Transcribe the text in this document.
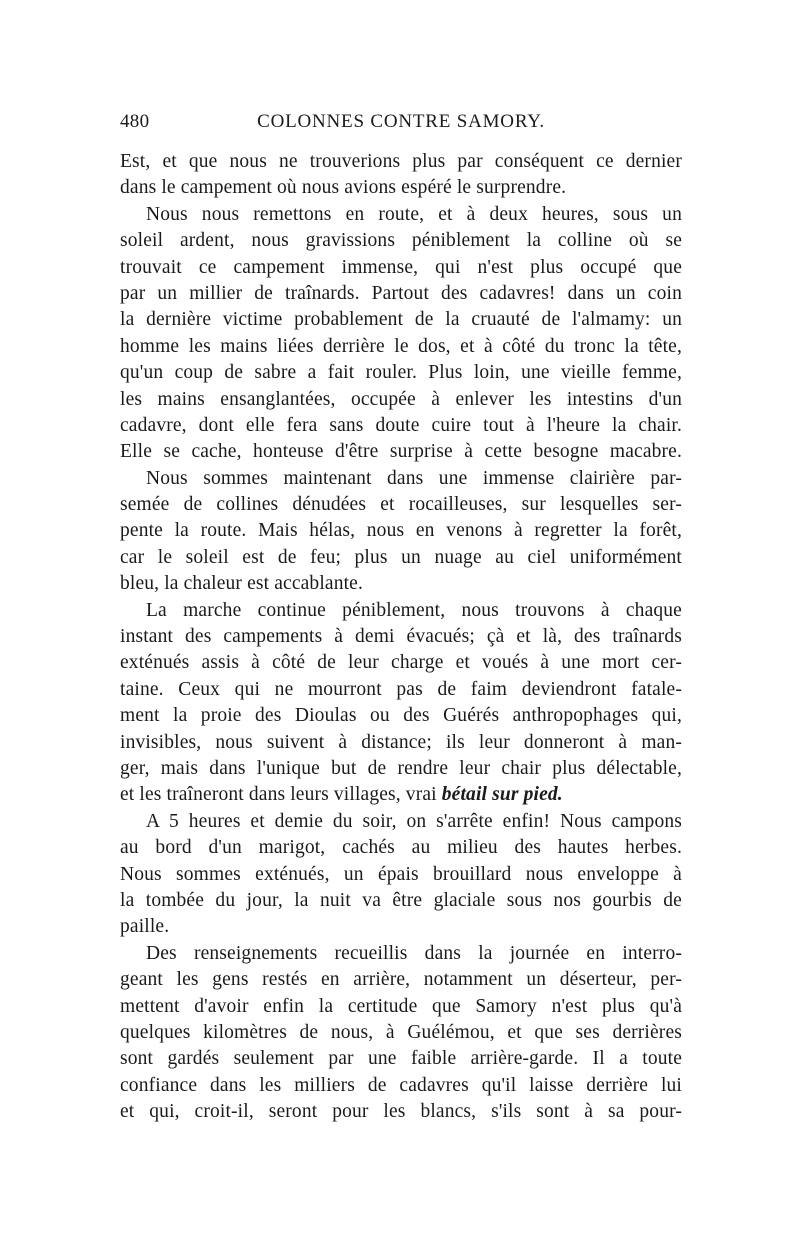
480	COLONNES CONTRE SAMORY.
Est, et que nous ne trouverions plus par conséquent ce dernier
dans le campement où nous avions espéré le surprendre.
Nous nous remettons en route, et à deux heures, sous un
soleil ardent, nous gravissions péniblement la colline où se
trouvait ce campement immense, qui n'est plus occupé que
par un millier de traînards. Partout des cadavres! dans un coin
la dernière victime probablement de la cruauté de l'almamy: un
homme les mains liées derrière le dos, et à côté du tronc la tête,
qu'un coup de sabre a fait rouler. Plus loin, une vieille femme,
les mains ensanglantées, occupée à enlever les intestins d'un
cadavre, dont elle fera sans doute cuire tout à l'heure la chair.
Elle se cache, honteuse d'être surprise à cette besogne macabre.
Nous sommes maintenant dans une immense clairière par-
semée de collines dénudées et rocailleuses, sur lesquelles ser-
pente la route. Mais hélas, nous en venons à regretter la forêt,
car le soleil est de feu; plus un nuage au ciel uniformément
bleu, la chaleur est accablante.
La marche continue péniblement, nous trouvons à chaque
instant des campements à demi évacués; çà et là, des traînards
exténués assis à côté de leur charge et voués à une mort cer-
taine. Ceux qui ne mourront pas de faim deviendront fatale-
ment la proie des Dioulas ou des Guérés anthropophages qui,
invisibles, nous suivent à distance; ils leur donneront à man-
ger, mais dans l'unique but de rendre leur chair plus délectable,
et les traîneront dans leurs villages, vrai bétail sur pied.
A 5 heures et demie du soir, on s'arrête enfin! Nous campons
au bord d'un marigot, cachés au milieu des hautes herbes.
Nous sommes exténués, un épais brouillard nous enveloppe à
la tombée du jour, la nuit va être glaciale sous nos gourbis de
paille.
Des renseignements recueillis dans la journée en interro-
geant les gens restés en arrière, notamment un déserteur, per-
mettent d'avoir enfin la certitude que Samory n'est plus qu'à
quelques kilomètres de nous, à Guélémou, et que ses derrières
sont gardés seulement par une faible arrière-garde. Il a toute
confiance dans les milliers de cadavres qu'il laisse derrière lui
et qui, croit-il, seront pour les blancs, s'ils sont à sa pour-
